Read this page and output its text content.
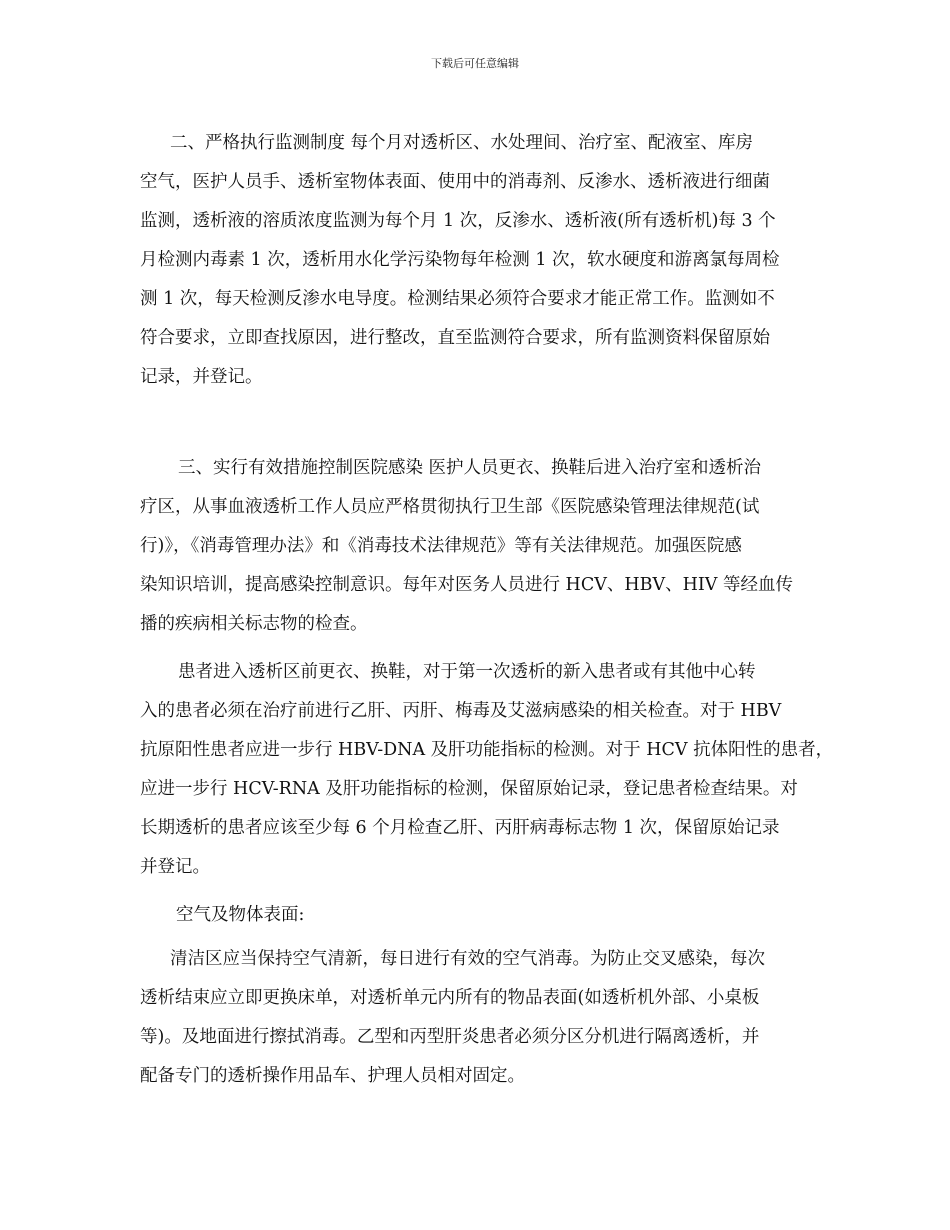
下载后可任意编辑
二、严格执行监测制度 每个月对透析区、水处理间、治疗室、配液室、库房
空气，医护人员手、透析室物体表面、使用中的消毒剂、反渗水、透析液进行细菌
监测，透析液的溶质浓度监测为每个月 1 次，反渗水、透析液(所有透析机)每 3 个
月检测内毒素 1 次，透析用水化学污染物每年检测 1 次，软水硬度和游离氯每周检
测 1 次，每天检测反渗水电导度。检测结果必须符合要求才能正常工作。监测如不
符合要求，立即查找原因，进行整改，直至监测符合要求，所有监测资料保留原始
记录，并登记。
三、实行有效措施控制医院感染 医护人员更衣、换鞋后进入治疗室和透析治
疗区，从事血液透析工作人员应严格贯彻执行卫生部《医院感染管理法律规范(试
行)》，《消毒管理办法》和《消毒技术法律规范》等有关法律规范。加强医院感
染知识培训，提高感染控制意识。每年对医务人员进行 HCV、HBV、HIV 等经血传
播的疾病相关标志物的检查。
患者进入透析区前更衣、换鞋，对于第一次透析的新入患者或有其他中心转
入的患者必须在治疗前进行乙肝、丙肝、梅毒及艾滋病感染的相关检查。对于 HBV
抗原阳性患者应进一步行 HBV-DNA 及肝功能指标的检测。对于 HCV 抗体阳性的患者，
应进一步行 HCV-RNA 及肝功能指标的检测，保留原始记录，登记患者检查结果。对
长期透析的患者应该至少每 6 个月检查乙肝、丙肝病毒标志物 1 次，保留原始记录
并登记。
空气及物体表面:
清洁区应当保持空气清新，每日进行有效的空气消毒。为防止交叉感染，每次
透析结束应立即更换床单，对透析单元内所有的物品表面(如透析机外部、小桌板
等)。及地面进行擦拭消毒。乙型和丙型肝炎患者必须分区分机进行隔离透析，并
配备专门的透析操作用品车、护理人员相对固定。
